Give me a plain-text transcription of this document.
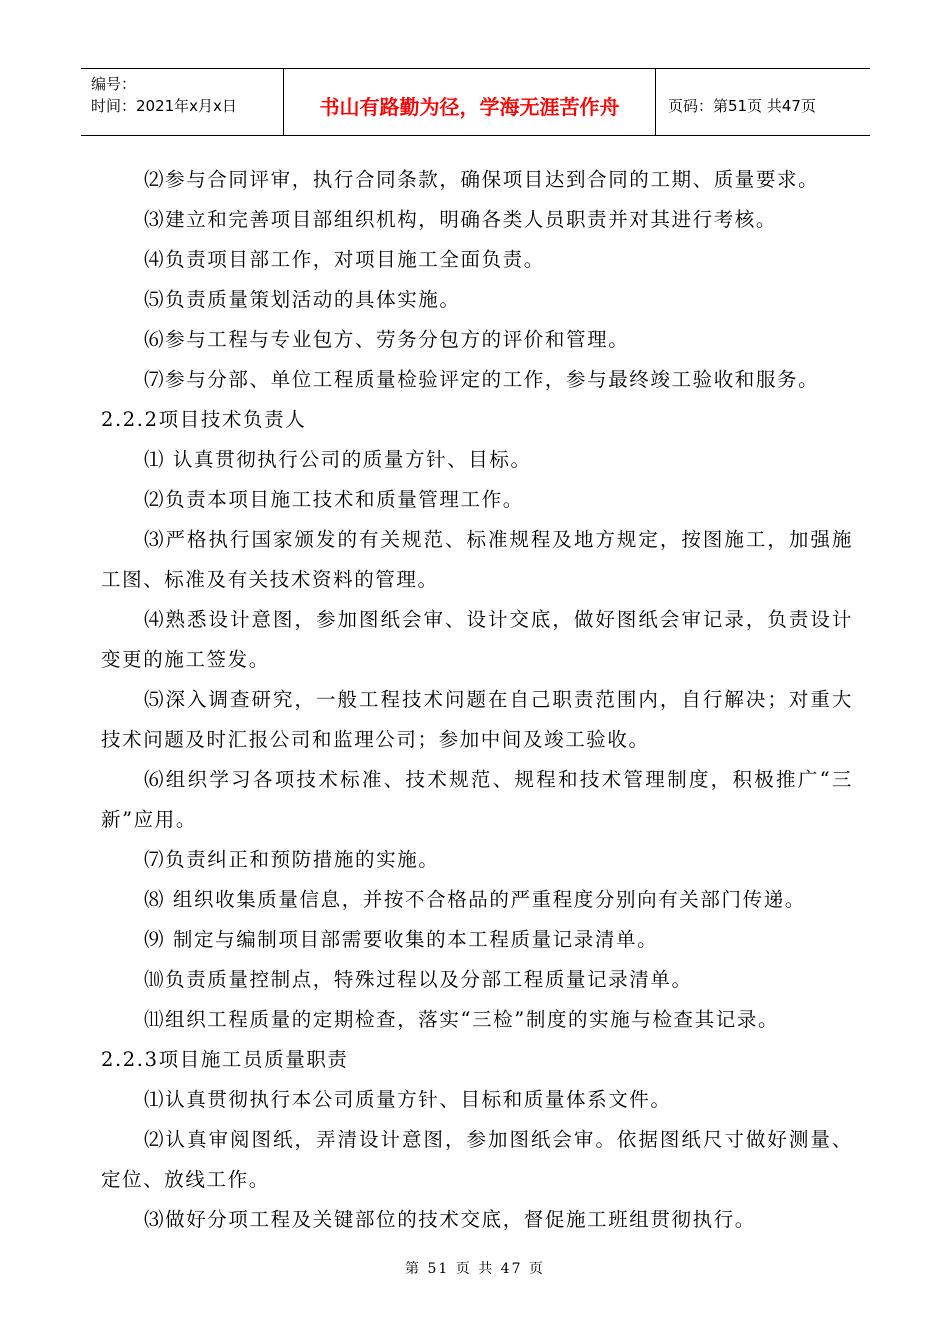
编号：
时间：2021年x月x日	书山有路勤为径，学海无涯苦作舟	页码：第51页 共47页

⑵参与合同评审，执行合同条款，确保项目达到合同的工期、质量要求。

⑶建立和完善项目部组织机构，明确各类人员职责并对其进行考核。

⑷负责项目部工作，对项目施工全面负责。

⑸负责质量策划活动的具体实施。

⑹参与工程与专业包方、劳务分包方的评价和管理。

⑺参与分部、单位工程质量检验评定的工作，参与最终竣工验收和服务。

2.2.2项目技术负责人

⑴ 认真贯彻执行公司的质量方针、目标。

⑵负责本项目施工技术和质量管理工作。

⑶严格执行国家颁发的有关规范、标准规程及地方规定，按图施工，加强施工图、标准及有关技术资料的管理。

⑷熟悉设计意图，参加图纸会审、设计交底，做好图纸会审记录，负责设计变更的施工签发。

⑸深入调查研究，一般工程技术问题在自己职责范围内，自行解决；对重大技术问题及时汇报公司和监理公司；参加中间及竣工验收。

⑹组织学习各项技术标准、技术规范、规程和技术管理制度，积极推广“三新”应用。

⑺负责纠正和预防措施的实施。

⑻ 组织收集质量信息，并按不合格品的严重程度分别向有关部门传递。

⑼ 制定与编制项目部需要收集的本工程质量记录清单。

⑽负责质量控制点，特殊过程以及分部工程质量记录清单。

⑾组织工程质量的定期检查，落实“三检”制度的实施与检查其记录。

2.2.3项目施工员质量职责

⑴认真贯彻执行本公司质量方针、目标和质量体系文件。

⑵认真审阅图纸，弄清设计意图，参加图纸会审。依据图纸尺寸做好测量、定位、放线工作。

⑶做好分项工程及关键部位的技术交底，督促施工班组贯彻执行。

第 51 页 共 47 页
